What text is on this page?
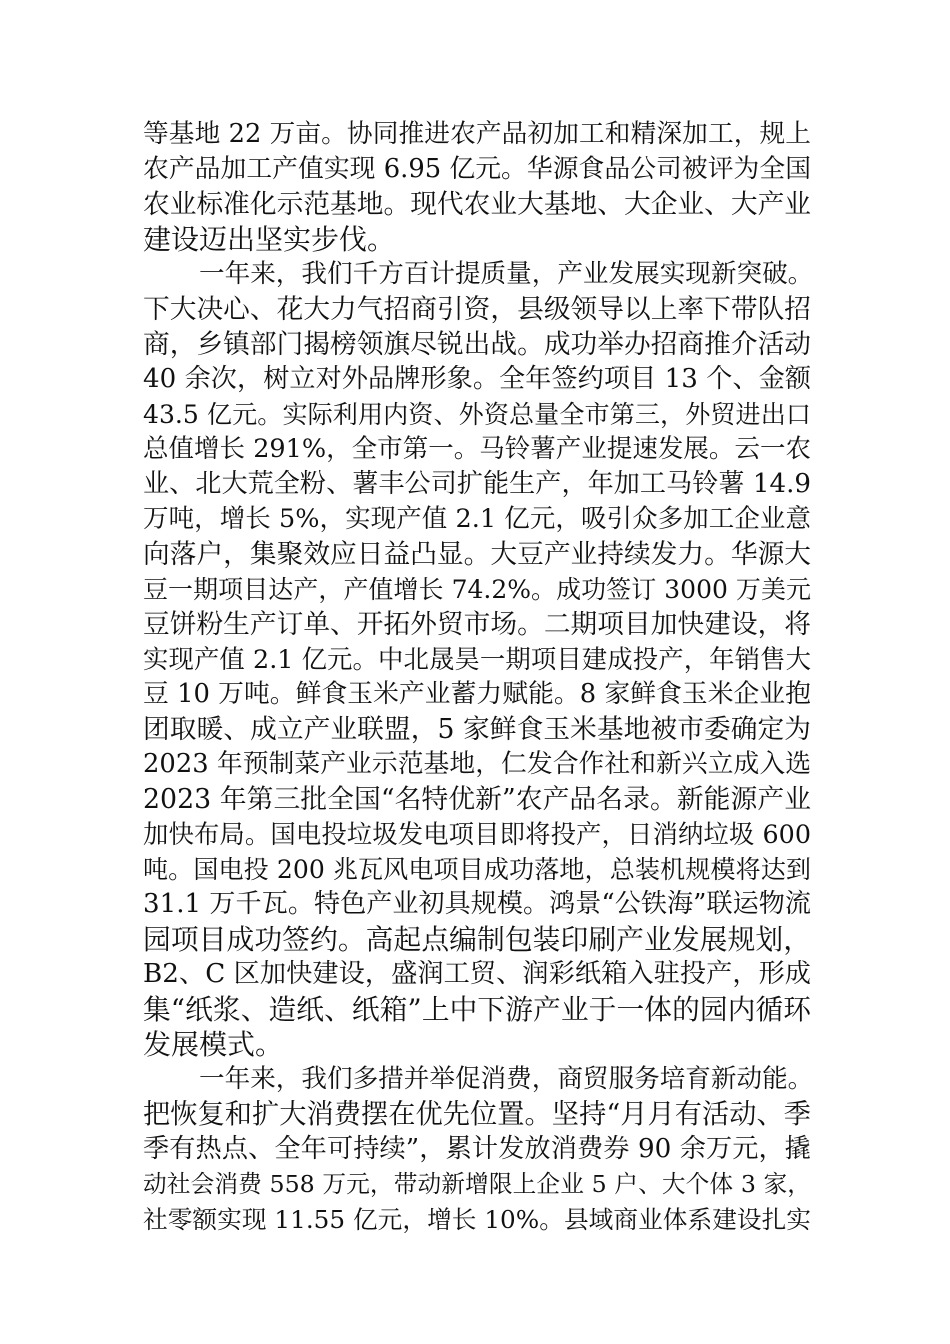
等基地 22 万亩。协同推进农产品初加工和精深加工，规上
农产品加工产值实现 6.95 亿元。华源食品公司被评为全国
农业标准化示范基地。现代农业大基地、大企业、大产业
建设迈出坚实步伐。
一年来，我们千方百计提质量，产业发展实现新突破。
下大决心、花大力气招商引资，县级领导以上率下带队招
商，乡镇部门揭榜领旗尽锐出战。成功举办招商推介活动
40 余次，树立对外品牌形象。全年签约项目 13 个、金额
43.5 亿元。实际利用内资、外资总量全市第三，外贸进出口
总值增长 291%，全市第一。马铃薯产业提速发展。云一农
业、北大荒全粉、薯丰公司扩能生产，年加工马铃薯 14.9
万吨，增长 5%，实现产值 2.1 亿元，吸引众多加工企业意
向落户，集聚效应日益凸显。大豆产业持续发力。华源大
豆一期项目达产，产值增长 74.2%。成功签订 3000 万美元
豆饼粉生产订单、开拓外贸市场。二期项目加快建设，将
实现产值 2.1 亿元。中北晟昊一期项目建成投产，年销售大
豆 10 万吨。鲜食玉米产业蓄力赋能。8 家鲜食玉米企业抱
团取暖、成立产业联盟，5 家鲜食玉米基地被市委确定为
2023 年预制菜产业示范基地，仁发合作社和新兴立成入选
2023 年第三批全国“名特优新”农产品名录。新能源产业
加快布局。国电投垃圾发电项目即将投产，日消纳垃圾 600
吨。国电投 200 兆瓦风电项目成功落地，总装机规模将达到
31.1 万千瓦。特色产业初具规模。鸿景“公铁海”联运物流
园项目成功签约。高起点编制包装印刷产业发展规划，
B2、C 区加快建设，盛润工贸、润彩纸箱入驻投产，形成
集“纸浆、造纸、纸箱”上中下游产业于一体的园内循环
发展模式。
一年来，我们多措并举促消费，商贸服务培育新动能。
把恢复和扩大消费摆在优先位置。坚持“月月有活动、季
季有热点、全年可持续”，累计发放消费券 90 余万元，撬
动社会消费 558 万元，带动新增限上企业 5 户、大个体 3 家，
社零额实现 11.55 亿元，增长 10%。县域商业体系建设扎实
